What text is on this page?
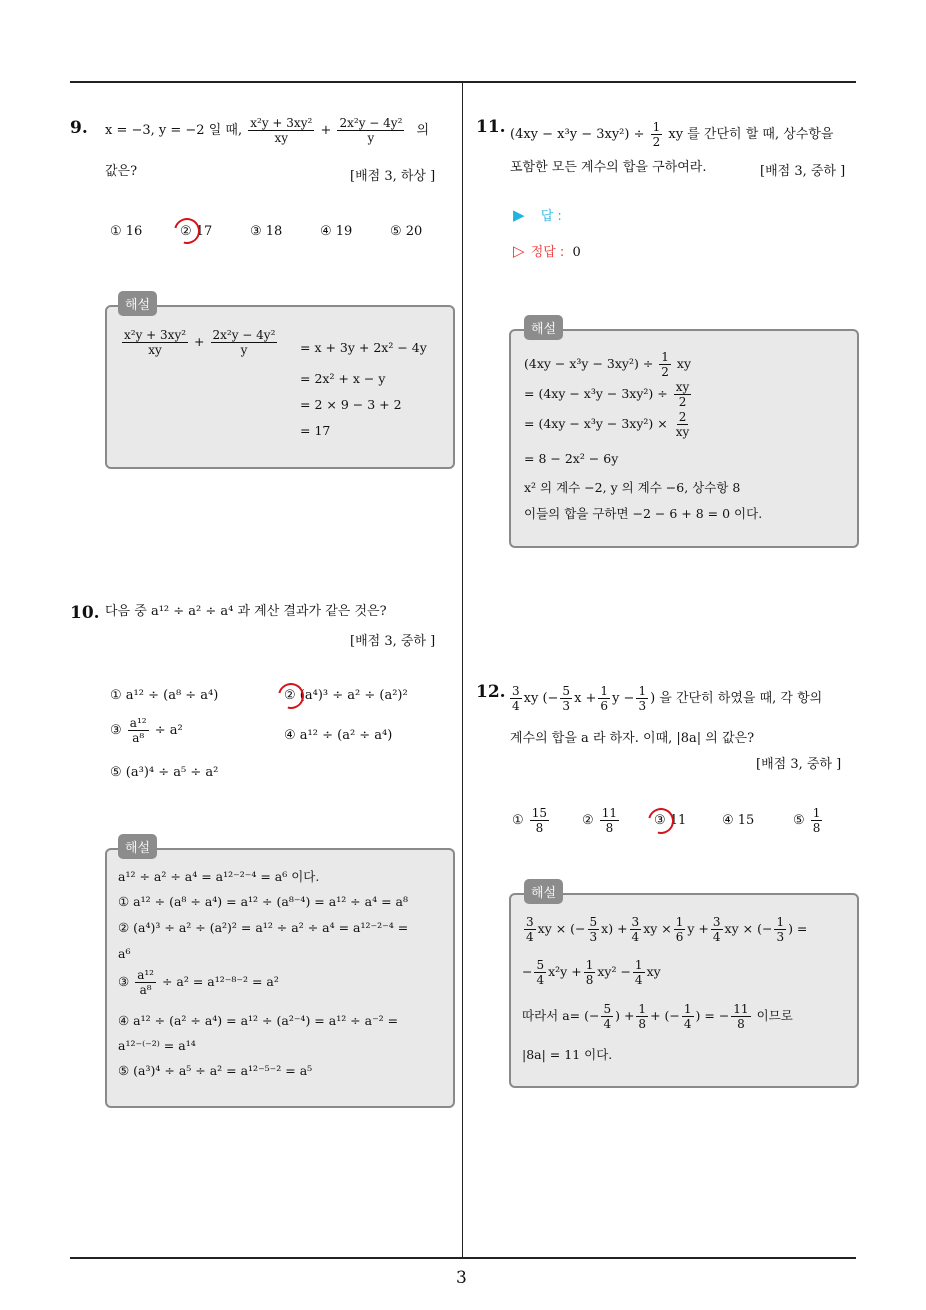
9. x = −3, y = −2 일 때, $\frac{\text{x²y + 3xy²}}{xy} + \frac{\text{2x²y − 4y²}}{y}$ 의
값은?	[배점 3, 하상 ]
① 16	② 17	③ 18	④ 19	⑤ 20
해설
$\frac{\text{x²y + 3xy²}}{xy} + \frac{\text{2x²y − 4y²}}{y} = x + 3y + 2x^2 - 4y$
= 2x² + x − y
= 2 × 9 − 3 + 2
= 17
10. 다음 중 a¹² ÷ a² ÷ a⁴ 과 계산 결과가 같은 것은?
[배점 3, 중하 ]
① a¹² ÷ (a⁸ ÷ a⁴)	② (a⁴)³ ÷ a² ÷ (a²)²
③ $\frac{\text{a¹²}}{\text{a⁸}} \div a^2$	④ a¹² ÷ (a² ÷ a⁴)
⑤ (a³)⁴ ÷ a⁵ ÷ a²
해설
a¹² ÷ a² ÷ a⁴ = a¹²⁻²⁻⁴ = a⁶ 이다.
① a¹² ÷ (a⁸ ÷ a⁴) = a¹² ÷ (a⁸⁻⁴) = a¹² ÷ a⁴ = a⁸
② (a⁴)³ ÷ a² ÷ (a²)² = a¹² ÷ a² ÷ a⁴ = a¹²⁻²⁻⁴ =
a⁶
③ $\frac{\text{a¹²}}{\text{a⁸}} \div a^2 = a^{12-8-2} = a^2$
④ a¹² ÷ (a² ÷ a⁴) = a¹² ÷ (a²⁻⁴) = a¹² ÷ a⁻² =
a¹²⁻⁽⁻²⁾ = a¹⁴
⑤ (a³)⁴ ÷ a⁵ ÷ a² = a¹²⁻⁵⁻² = a⁵
11. $(4xy - x^3y - 3xy^2) \div \frac{1}{2}$ xy 를 간단히 할 때, 상수항을
포함한 모든 계수의 합을 구하여라.	[배점 3, 중하 ]
▶ 답 :
▷ 정답 : 0
해설
$(4xy - x^3y - 3xy^2) \div \frac{1}{2}$ xy
= $(4xy - x^3y - 3xy^2) \div \frac{xy}{2}$
= $(4xy - x^3y - 3xy^2) \times \frac{2}{xy}$
= 8 − 2x² − 6y
x² 의 계수 −2, y 의 계수 −6, 상수항 8
이들의 합을 구하면 −2 − 6 + 8 = 0 이다.
12. $\frac{3}{4}$ xy (− $\frac{5}{3}$ $x + \frac{1}{6}$ $y - \frac{1}{3}$ ) 을 간단히 하였을 때, 각 항의
계수의 합을 a 라 하자. 이때, |8a| 의 값은?
[배점 3, 중하 ]
① $\frac{15}{8}$	② $\frac{11}{8}$	③ 11	④ 15	⑤ $\frac{1}{8}$
해설
$\frac{3}{4}$ xy × (− $\frac{5}{3} x) + \frac{3}{4}$ xy × $\frac{1}{6}$ $y + \frac{3}{4}$ xy × (− $\frac{1}{3}$ ) =
− $\frac{5}{4} x^2y + \frac{1}{8} xy^2 - \frac{1}{4}$ xy
따라서 a= (− $\frac{5}{4}$ ) + $\frac{1}{8}$ + (− $\frac{1}{4}$ ) = − $\frac{11}{8}$ 이므로
|8a| = 11 이다.
3
